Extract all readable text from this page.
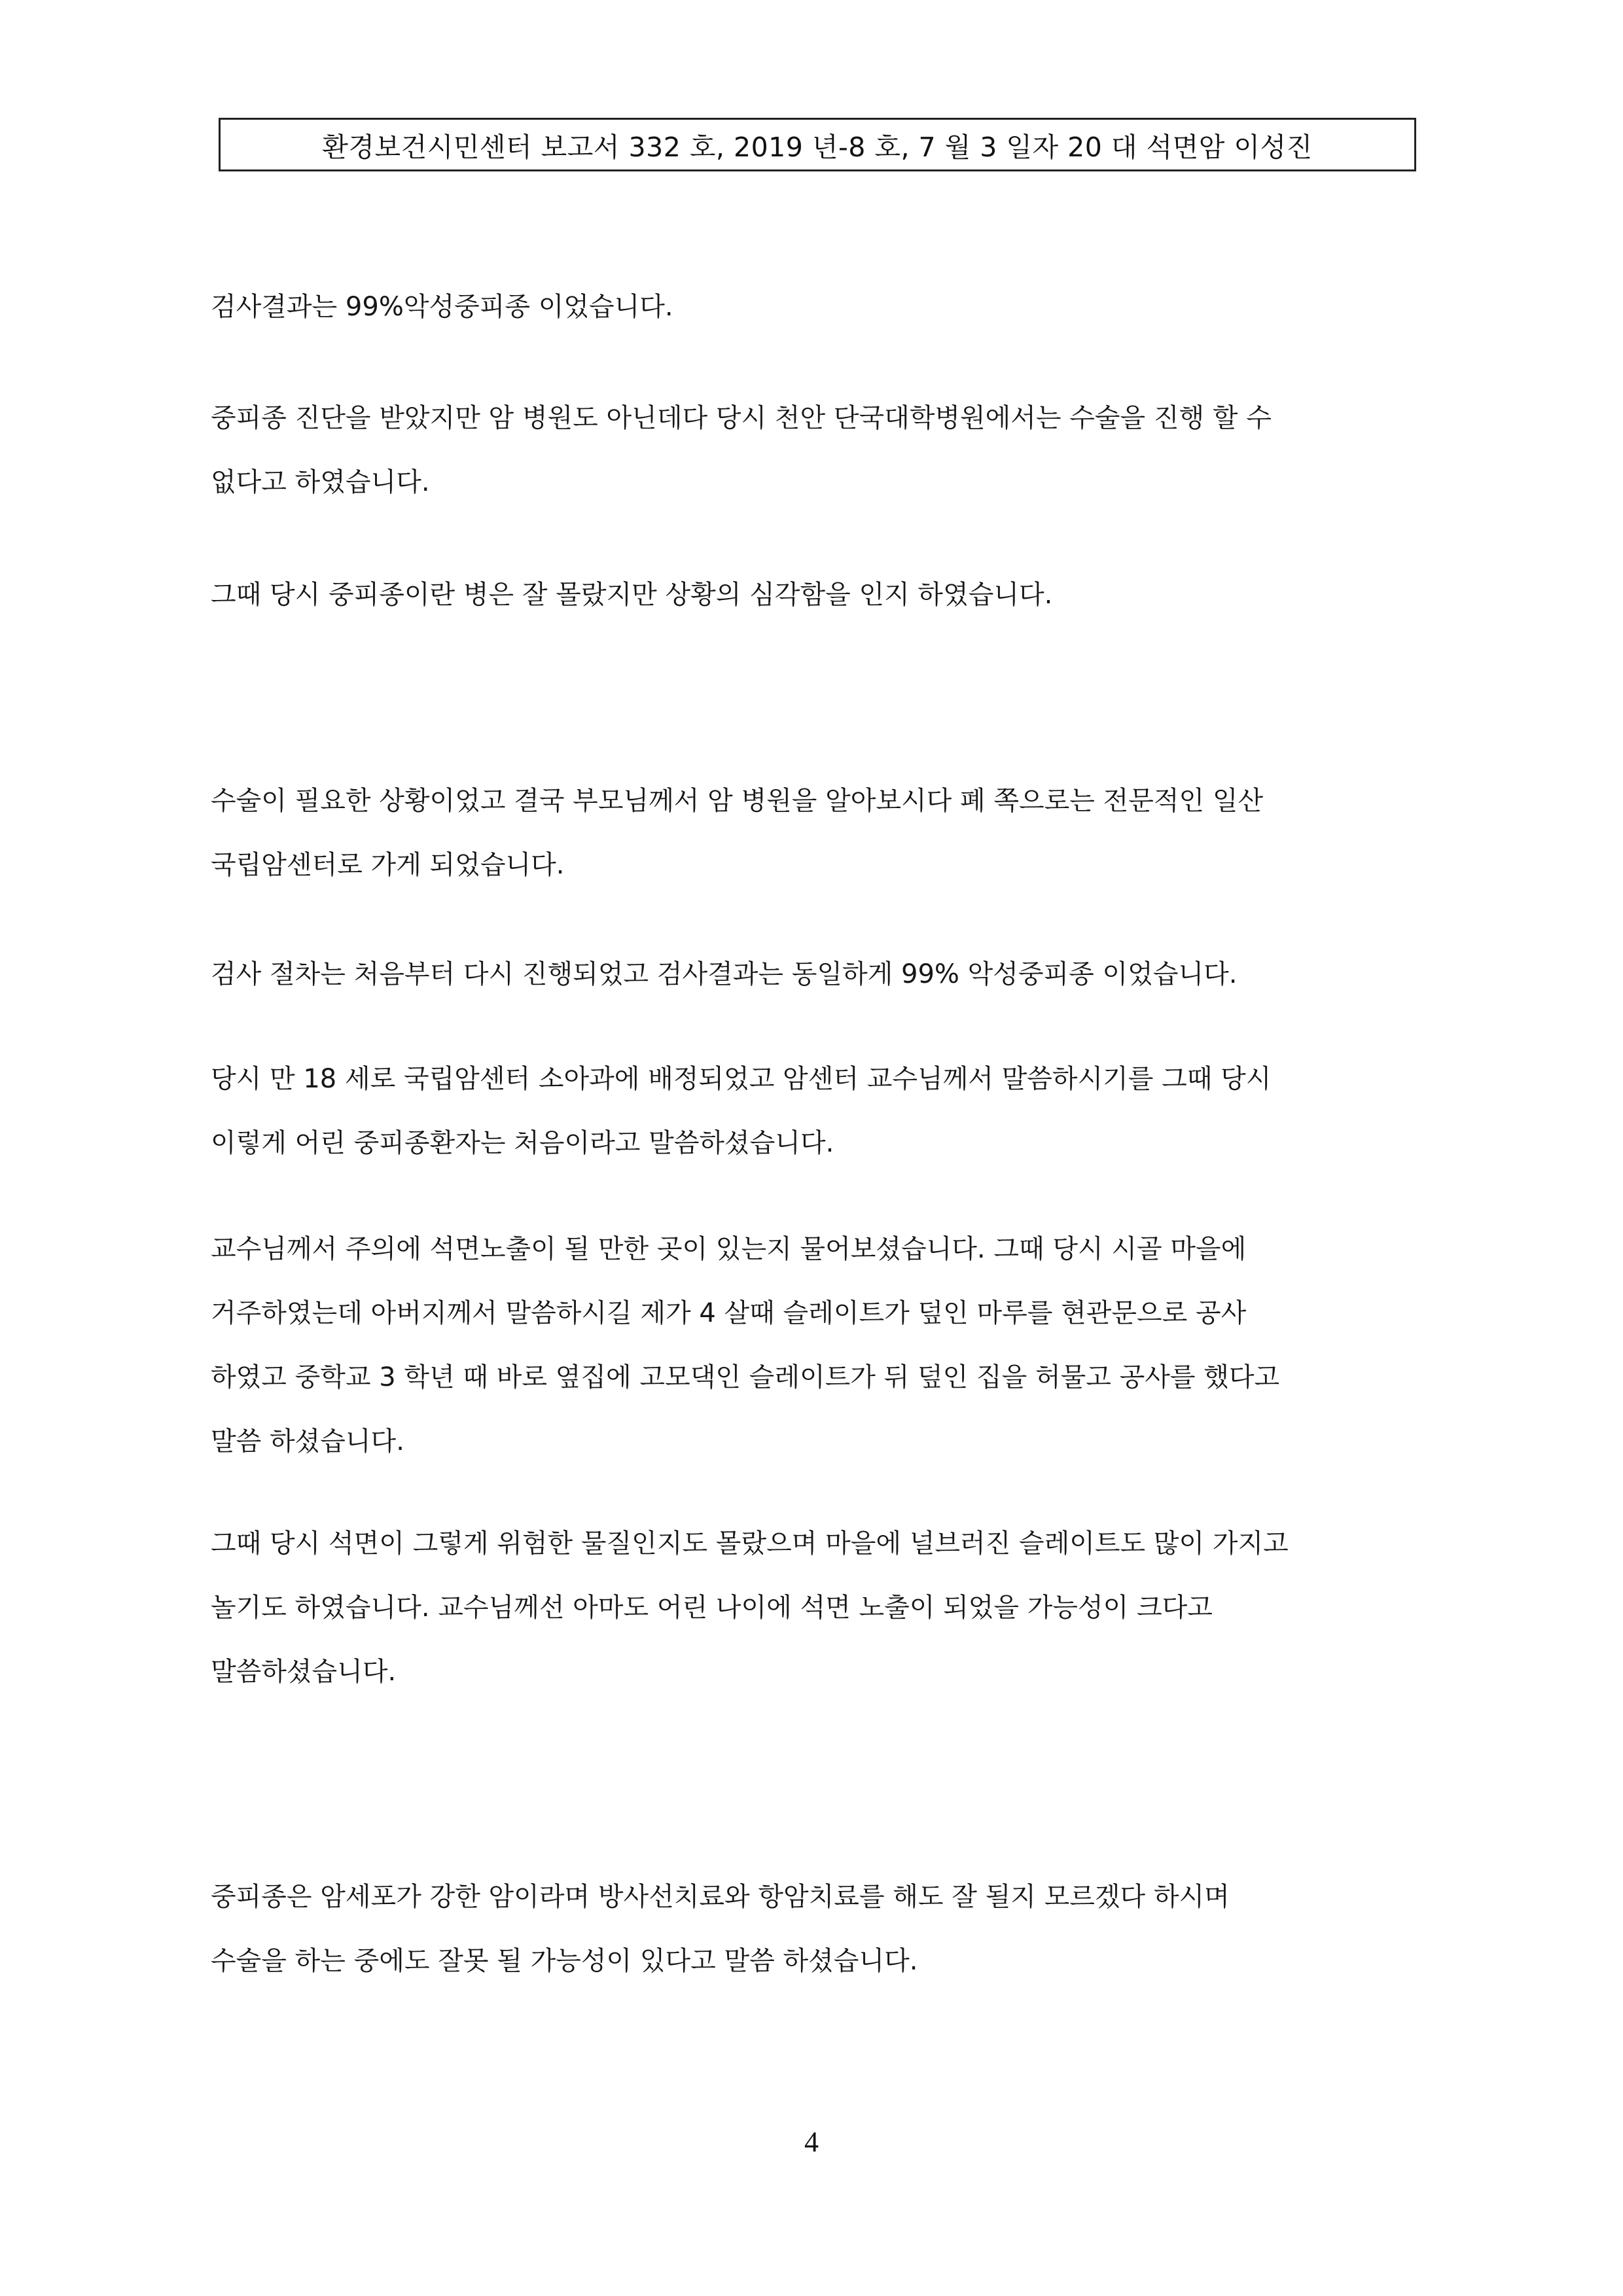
환경보건시민센터 보고서 332 호, 2019 년-8 호, 7 월 3 일자 20 대 석면암 이성진
검사결과는 99%악성중피종 이었습니다.
중피종 진단을 받았지만 암 병원도 아닌데다 당시 천안 단국대학병원에서는 수술을 진행 할 수
없다고 하였습니다.
그때 당시 중피종이란 병은 잘 몰랐지만 상황의 심각함을 인지 하였습니다.
수술이 필요한 상황이었고 결국 부모님께서 암 병원을 알아보시다 폐 쪽으로는 전문적인 일산
국립암센터로 가게 되었습니다.
검사 절차는 처음부터 다시 진행되었고 검사결과는 동일하게 99% 악성중피종 이었습니다.
당시 만 18 세로 국립암센터 소아과에 배정되었고 암센터 교수님께서 말씀하시기를 그때 당시
이렇게 어린 중피종환자는 처음이라고 말씀하셨습니다.
교수님께서 주의에 석면노출이 될 만한 곳이 있는지 물어보셨습니다. 그때 당시 시골 마을에
거주하였는데 아버지께서 말씀하시길 제가 4 살때 슬레이트가 덮인 마루를 현관문으로 공사
하였고 중학교 3 학년 때 바로 옆집에 고모댁인 슬레이트가 뒤 덮인 집을 허물고 공사를 했다고
말씀 하셨습니다.
그때 당시 석면이 그렇게 위험한 물질인지도 몰랐으며 마을에 널브러진 슬레이트도 많이 가지고
놀기도 하였습니다. 교수님께선 아마도 어린 나이에 석면 노출이 되었을 가능성이 크다고
말씀하셨습니다.
중피종은 암세포가 강한 암이라며 방사선치료와 항암치료를 해도 잘 될지 모르겠다 하시며
수술을 하는 중에도 잘못 될 가능성이 있다고 말씀 하셨습니다.
4
